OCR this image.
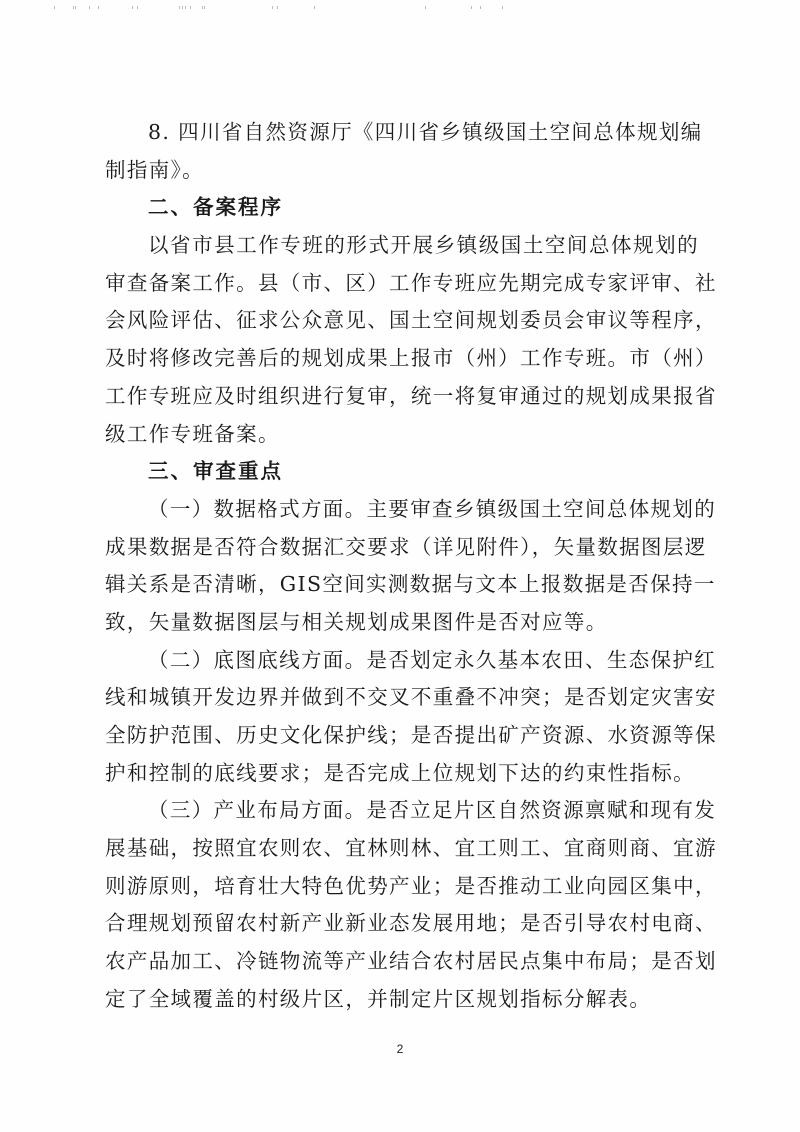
8. 四川省自然资源厅《四川省乡镇级国土空间总体规划编
制指南》。
二、备案程序
以省市县工作专班的形式开展乡镇级国土空间总体规划的
审查备案工作。县（市、区）工作专班应先期完成专家评审、社
会风险评估、征求公众意见、国土空间规划委员会审议等程序，
及时将修改完善后的规划成果上报市（州）工作专班。市（州）
工作专班应及时组织进行复审，统一将复审通过的规划成果报省
级工作专班备案。
三、审查重点
（一）数据格式方面。主要审查乡镇级国土空间总体规划的
成果数据是否符合数据汇交要求（详见附件），矢量数据图层逻
辑关系是否清晰，GIS空间实测数据与文本上报数据是否保持一
致，矢量数据图层与相关规划成果图件是否对应等。
（二）底图底线方面。是否划定永久基本农田、生态保护红
线和城镇开发边界并做到不交叉不重叠不冲突；是否划定灾害安
全防护范围、历史文化保护线；是否提出矿产资源、水资源等保
护和控制的底线要求；是否完成上位规划下达的约束性指标。
（三）产业布局方面。是否立足片区自然资源禀赋和现有发
展基础，按照宜农则农、宜林则林、宜工则工、宜商则商、宜游
则游原则，培育壮大特色优势产业；是否推动工业向园区集中，
合理规划预留农村新产业新业态发展用地；是否引导农村电商、
农产品加工、冷链物流等产业结合农村居民点集中布局；是否划
定了全域覆盖的村级片区，并制定片区规划指标分解表。
2
